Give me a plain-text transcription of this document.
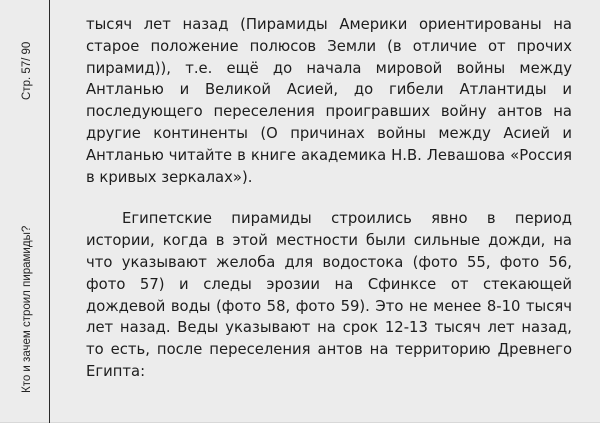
Стр. 57/ 90
Кто и зачем строил пирамиды?

тысяч лет назад (Пирамиды Америки ориентированы на старое положение полюсов Земли (в отличие от прочих пирамид)), т.е. ещё до начала мировой войны между Антланью и Великой Асией, до гибели Атлантиды и последующего переселения проигравших войну антов на другие континенты (О причинах войны между Асией и Антланью читайте в книге академика Н.В. Левашова «Россия в кривых зеркалах»).

Египетские пирамиды строились явно в период истории, когда в этой местности были сильные дожди, на что указывают желоба для водостока (фото 55, фото 56, фото 57) и следы эрозии на Сфинксе от стекающей дождевой воды (фото 58, фото 59). Это не менее 8-10 тысяч лет назад. Веды указывают на срок 12-13 тысяч лет назад, то есть, после переселения антов на территорию Древнего Египта:
